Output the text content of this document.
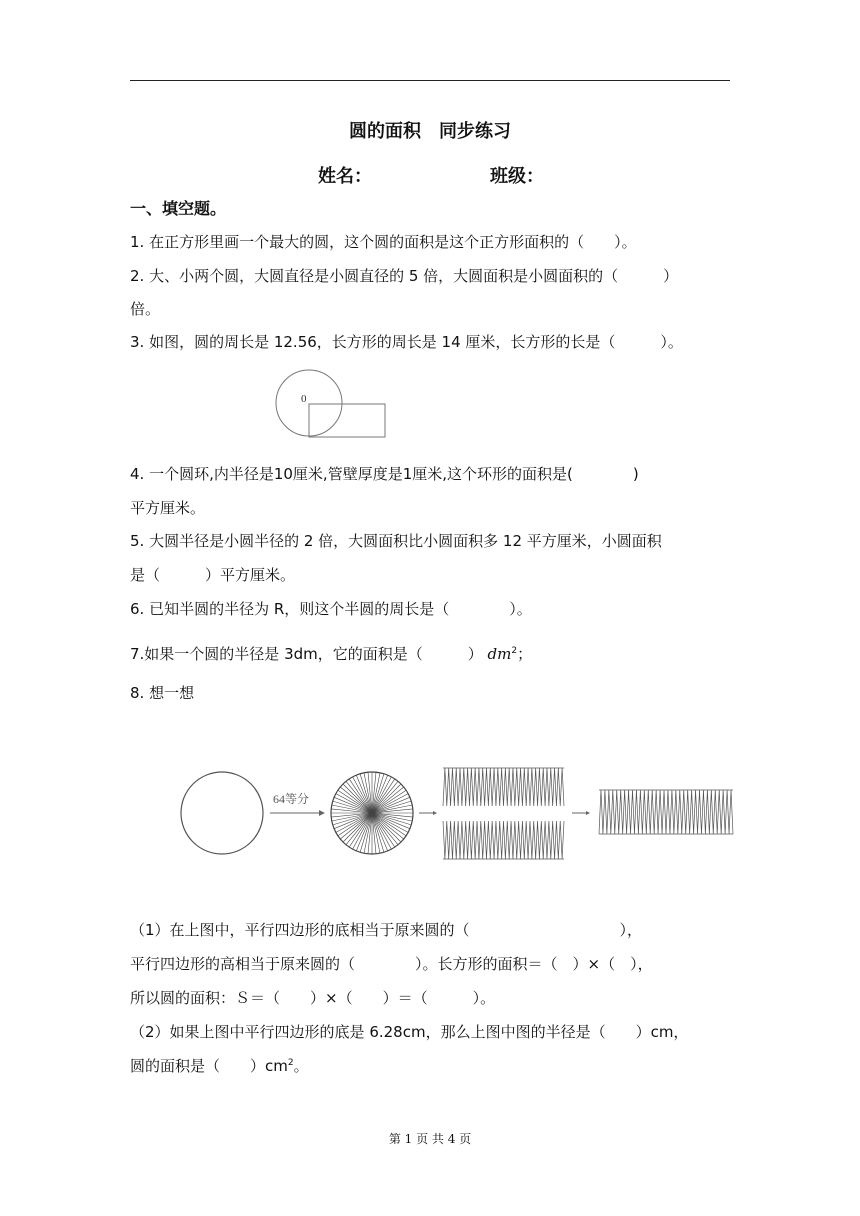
圆的面积　同步练习
姓名：	班级：
一、填空题。
1. 在正方形里画一个最大的圆，这个圆的面积是这个正方形面积的（　　）。
2. 大、小两个圆，大圆直径是小圆直径的 5 倍，大圆面积是小圆面积的（　　　）
倍。
3. 如图，圆的周长是 12.56，长方形的周长是 14 厘米，长方形的长是（　　　）。
0
4. 一个圆环,内半径是10厘米,管壁厚度是1厘米,这个环形的面积是(　　　　)
平方厘米。
5. 大圆半径是小圆半径的 2 倍，大圆面积比小圆面积多 12 平方厘米，小圆面积
是（　　　）平方厘米。
6. 已知半圆的半径为 R，则这个半圆的周长是（　　　　）。
7.如果一个圆的半径是 3dm，它的面积是（　　　） $dm^2$；
8. 想一想
64等分
（1）在上图中，平行四边形的底相当于原来圆的（　　　　　　　　　　），
平行四边形的高相当于原来圆的（　　　　）。长方形的面积＝（　）×（　），
所以圆的面积：Ｓ＝（　　）×（　　）＝（　　　）。
（2）如果上图中平行四边形的底是 6.28cm，那么上图中图的半径是（　　）cm，
圆的面积是（　　）$cm^2$。
第 1 页 共 4 页
